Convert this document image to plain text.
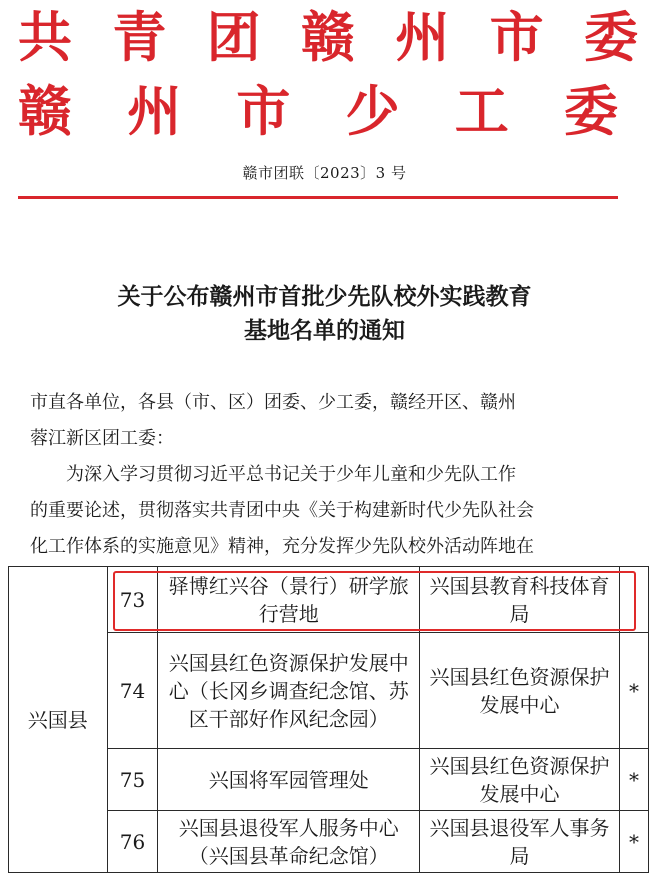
共 青 团 赣 州 市 委
赣 州 市 少 工 委
赣市团联〔2023〕3 号
关于公布赣州市首批少先队校外实践教育
基地名单的通知
市直各单位，各县（市、区）团委、少工委，赣经开区、赣州
蓉江新区团工委：
为深入学习贯彻习近平总书记关于少年儿童和少先队工作
的重要论述，贯彻落实共青团中央《关于构建新时代少先队社会
化工作体系的实施意见》精神，充分发挥少先队校外活动阵地在
兴国县	73	驿博红兴谷（景行）研学旅行营地	兴国县教育科技体育局	
	74	兴国县红色资源保护发展中心（长冈乡调查纪念馆、苏区干部好作风纪念园）	兴国县红色资源保护发展中心	*
	75	兴国将军园管理处	兴国县红色资源保护发展中心	*
	76	兴国县退役军人服务中心（兴国县革命纪念馆）	兴国县退役军人事务局	*
